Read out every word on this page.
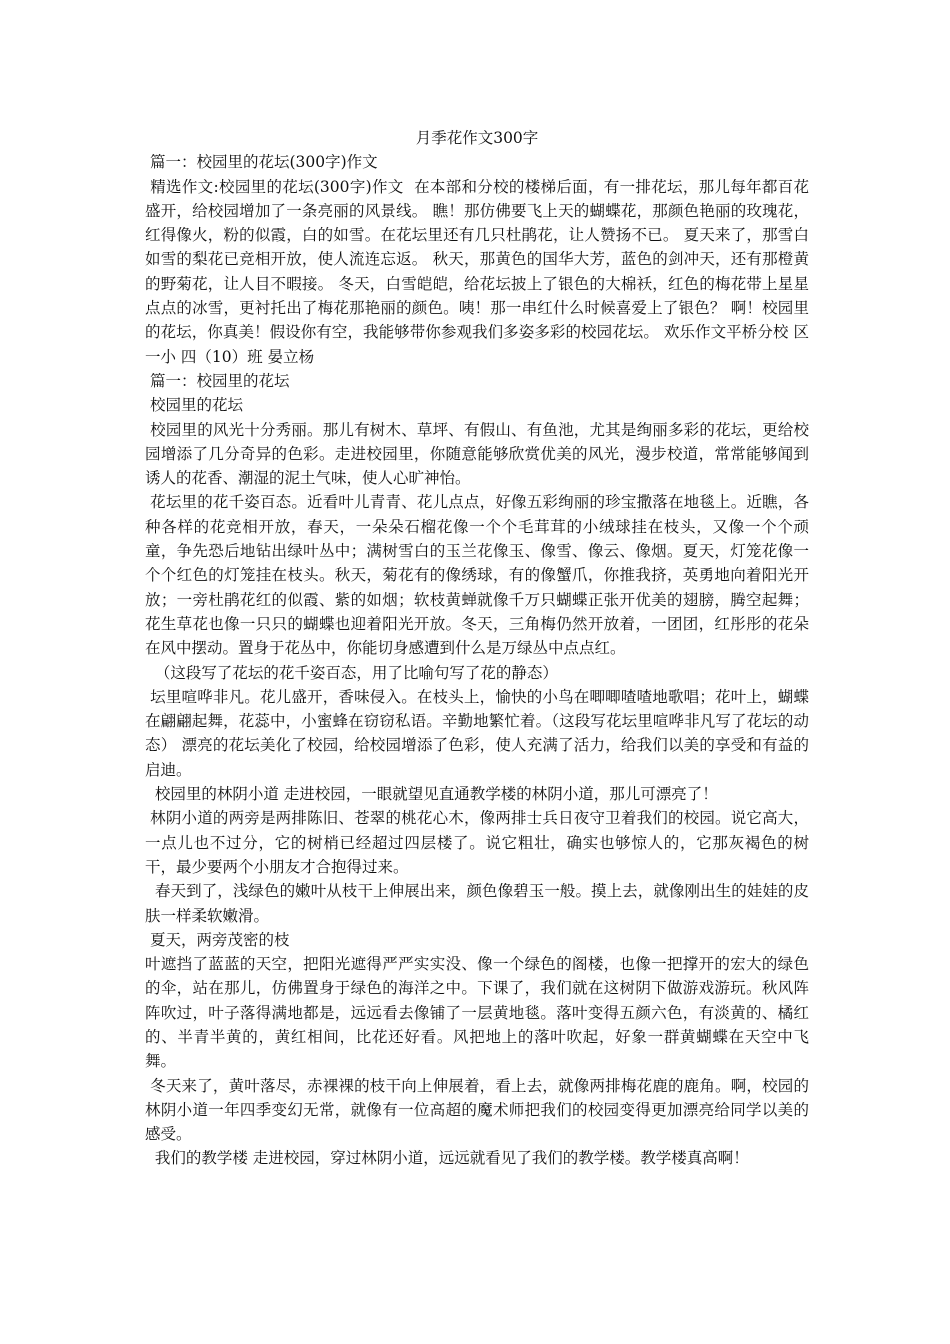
月季花作文300字

篇一：校园里的花坛(300字)作文

精选作文:校园里的花坛(300字)作文  在本部和分校的楼梯后面，有一排花坛，那儿每年都百花盛开，给校园增加了一条亮丽的风景线。 瞧！那仿佛要飞上天的蝴蝶花，那颜色艳丽的玫瑰花，红得像火，粉的似霞，白的如雪。在花坛里还有几只杜鹃花，让人赞扬不已。 夏天来了，那雪白如雪的梨花已竞相开放，使人流连忘返。 秋天，那黄色的国华大芳，蓝色的剑冲天，还有那橙黄的野菊花，让人目不暇接。 冬天，白雪皑皑，给花坛披上了银色的大棉袄，红色的梅花带上星星点点的冰雪，更衬托出了梅花那艳丽的颜色。咦！那一串红什么时候喜爱上了银色？ 啊！校园里的花坛，你真美！假设你有空，我能够带你参观我们多姿多彩的校园花坛。 欢乐作文平桥分校 区一小 四（10）班 晏立杨

篇一：校园里的花坛

校园里的花坛

校园里的风光十分秀丽。那儿有树木、草坪、有假山、有鱼池，尤其是绚丽多彩的花坛，更给校园增添了几分奇异的色彩。走进校园里，你随意能够欣赏优美的风光，漫步校道，常常能够闻到诱人的花香、潮湿的泥土气味，使人心旷神怡。

花坛里的花千姿百态。近看叶儿青青、花儿点点，好像五彩绚丽的珍宝撒落在地毯上。近瞧，各种各样的花竞相开放，春天，一朵朵石榴花像一个个毛茸茸的小绒球挂在枝头，又像一个个顽童，争先恐后地钻出绿叶丛中；满树雪白的玉兰花像玉、像雪、像云、像烟。夏天，灯笼花像一个个红色的灯笼挂在枝头。秋天，菊花有的像绣球，有的像蟹爪，你推我挤，英勇地向着阳光开放；一旁杜鹃花红的似霞、紫的如烟；软枝黄蝉就像千万只蝴蝶正张开优美的翅膀，腾空起舞；花生草花也像一只只的蝴蝶也迎着阳光开放。冬天，三角梅仍然开放着，一团团，红彤彤的花朵在风中摆动。置身于花丛中，你能切身感遭到什么是万绿丛中点点红。

（这段写了花坛的花千姿百态，用了比喻句写了花的静态）

坛里喧哗非凡。花儿盛开，香味侵入。在枝头上，愉快的小鸟在唧唧喳喳地歌唱；花叶上，蝴蝶在翩翩起舞，花蕊中，小蜜蜂在窃窃私语。辛勤地繁忙着。（这段写花坛里喧哗非凡写了花坛的动态） 漂亮的花坛美化了校园，给校园增添了色彩，使人充满了活力，给我们以美的享受和有益的启迪。

校园里的林阴小道 走进校园，一眼就望见直通教学楼的林阴小道，那儿可漂亮了！

林阴小道的两旁是两排陈旧、苍翠的桃花心木，像两排士兵日夜守卫着我们的校园。说它高大，一点儿也不过分，它的树梢已经超过四层楼了。说它粗壮，确实也够惊人的，它那灰褐色的树干，最少要两个小朋友才合抱得过来。

春天到了，浅绿色的嫩叶从枝干上伸展出来，颜色像碧玉一般。摸上去，就像刚出生的娃娃的皮肤一样柔软嫩滑。

夏天，两旁茂密的枝

叶遮挡了蓝蓝的天空，把阳光遮得严严实实没、像一个绿色的阁楼，也像一把撑开的宏大的绿色的伞，站在那儿，仿佛置身于绿色的海洋之中。下课了，我们就在这树阴下做游戏游玩。秋风阵阵吹过，叶子落得满地都是，远远看去像铺了一层黄地毯。落叶变得五颜六色，有淡黄的、橘红的、半青半黄的，黄红相间，比花还好看。风把地上的落叶吹起，好象一群黄蝴蝶在天空中飞舞。

冬天来了，黄叶落尽，赤裸裸的枝干向上伸展着，看上去，就像两排梅花鹿的鹿角。啊，校园的林阴小道一年四季变幻无常，就像有一位高超的魔术师把我们的校园变得更加漂亮给同学以美的感受。

我们的教学楼 走进校园，穿过林阴小道，远远就看见了我们的教学楼。教学楼真高啊！
